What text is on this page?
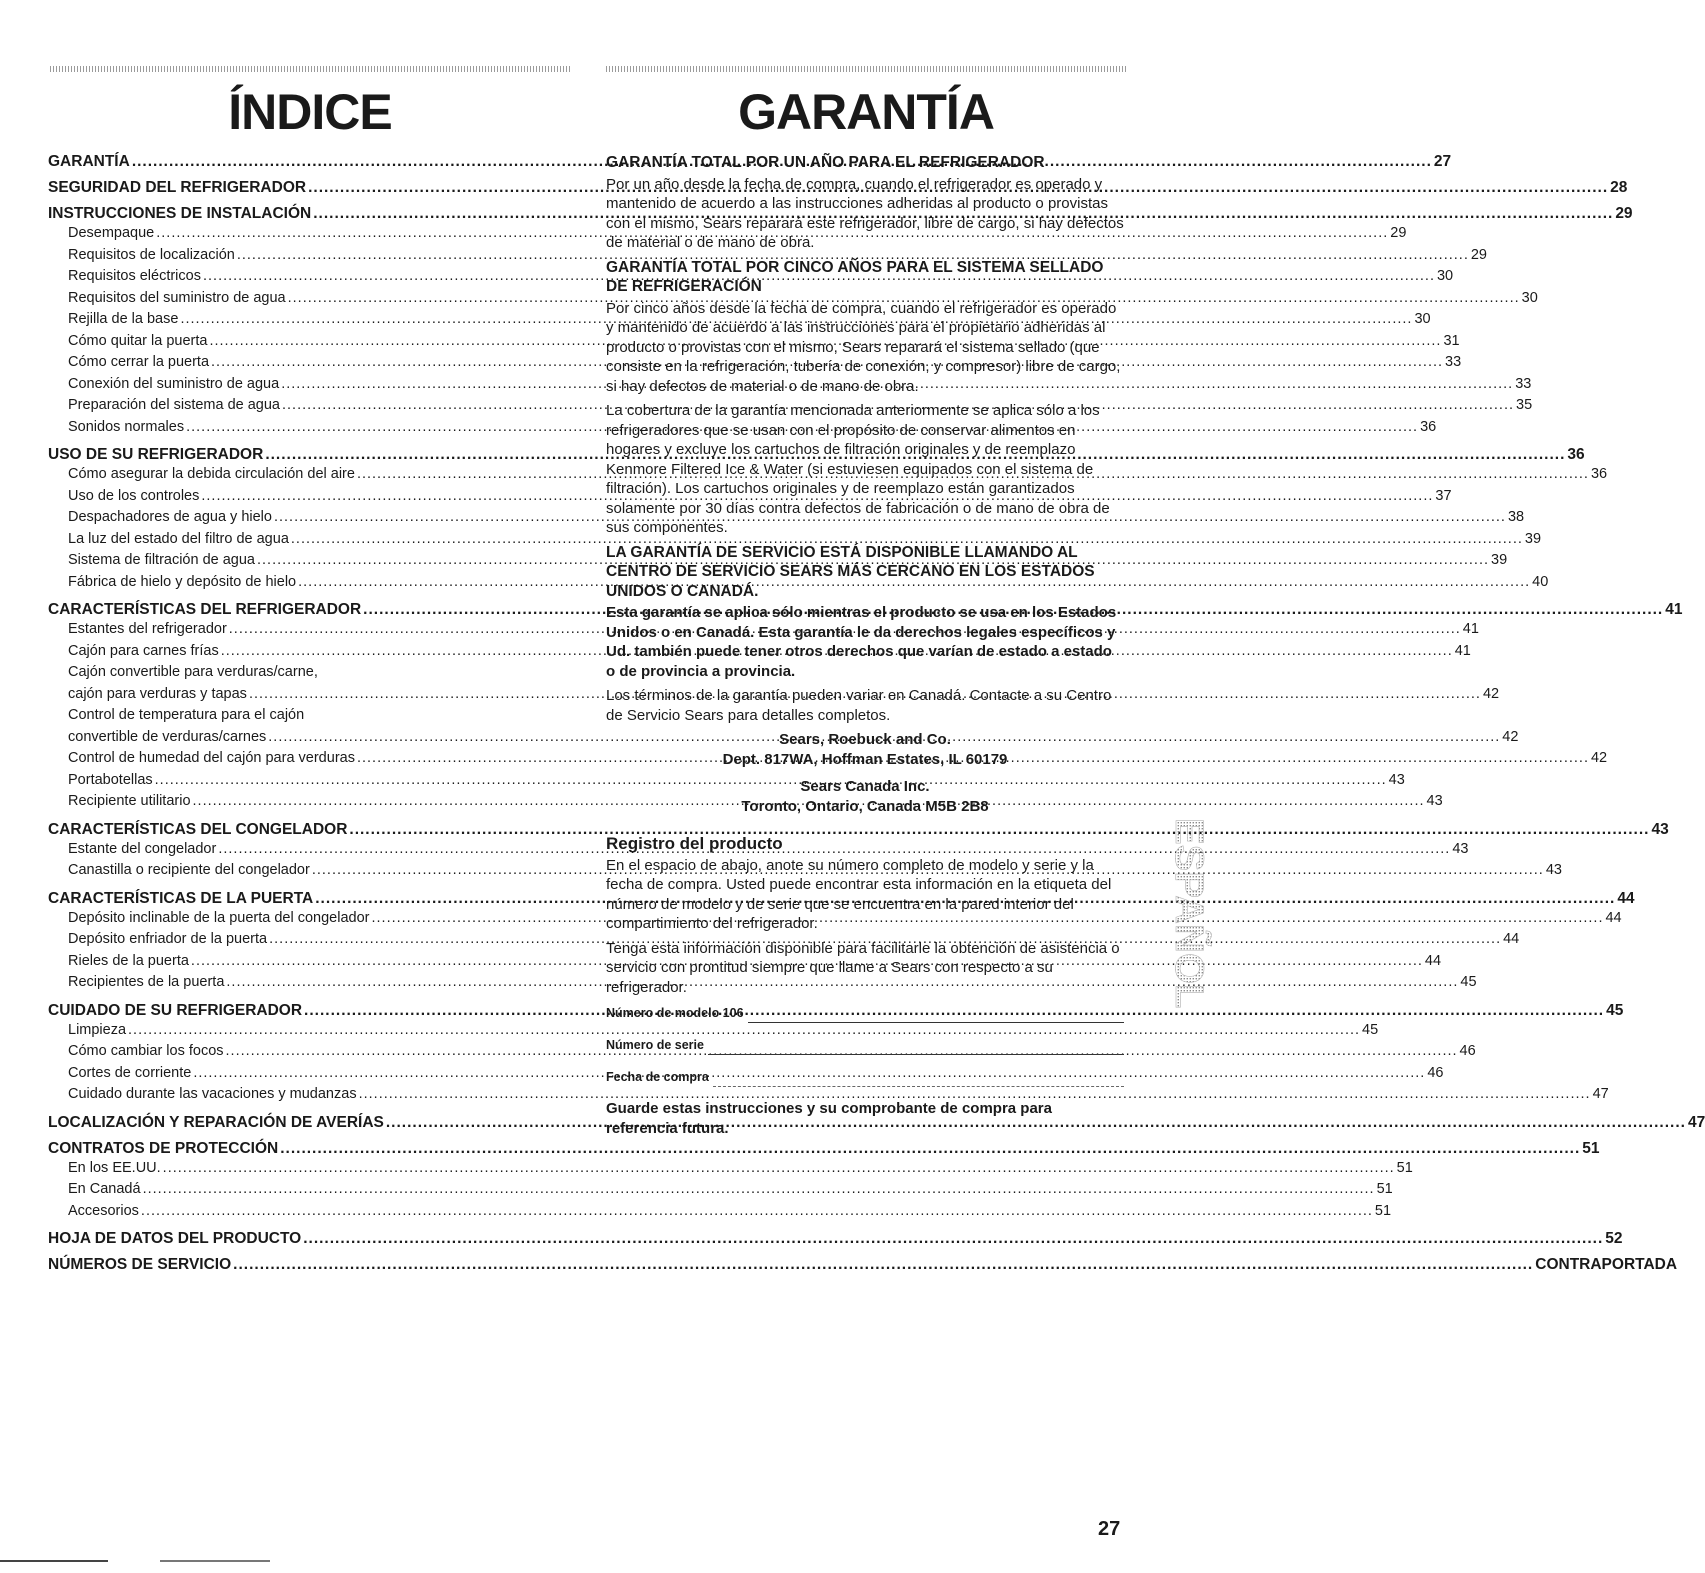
ÍNDICE	GARANTÍA
GARANTÍA .....	27
SEGURIDAD DEL REFRIGERADOR .....	28
INSTRUCCIONES DE INSTALACIÓN .....	29
Desempaque .....	29
Requisitos de localización .....	29
Requisitos eléctricos .....	30
Requisitos del suministro de agua .....	30
Rejilla de la base .....	30
Cómo quitar la puerta .....	31
Cómo cerrar la puerta .....	33
Conexión del suministro de agua .....	33
Preparación del sistema de agua .....	35
Sonidos normales .....	36
USO DE SU REFRIGERADOR .....	36
Cómo asegurar la debida circulación del aire .....	36
Uso de los controles .....	37
Despachadores de agua y hielo .....	38
La luz del estado del filtro de agua .....	39
Sistema de filtración de agua .....	39
Fábrica de hielo y depósito de hielo .....	40
CARACTERÍSTICAS DEL REFRIGERADOR .....	41
Estantes del refrigerador .....	41
Cajón para carnes frías .....	41
Cajón convertible para verduras/carne,
cajón para verduras y tapas .....	42
Control de temperatura para el cajón
convertible de verduras/carnes .....	42
Control de humedad del cajón para verduras .....	42
Portabotellas .....	43
Recipiente utilitario .....	43
CARACTERÍSTICAS DEL CONGELADOR .....	43
Estante del congelador .....	43
Canastilla o recipiente del congelador .....	43
CARACTERÍSTICAS DE LA PUERTA .....	44
Depósito inclinable de la puerta del congelador .....	44
Depósito enfriador de la puerta .....	44
Rieles de la puerta .....	44
Recipientes de la puerta .....	45
CUIDADO DE SU REFRIGERADOR .....	45
Limpieza .....	45
Cómo cambiar los focos .....	46
Cortes de corriente .....	46
Cuidado durante las vacaciones y mudanzas .....	47
LOCALIZACIÓN Y REPARACIÓN DE AVERÍAS .....	47
CONTRATOS DE PROTECCIÓN .....	51
En los EE.UU. .....	51
En Canadá .....	51
Accesorios .....	51
HOJA DE DATOS DEL PRODUCTO .....	52
NÚMEROS DE SERVICIO .....	CONTRAPORTADA
GARANTÍA TOTAL POR UN AÑO PARA EL REFRIGERADOR

Por un año desde la fecha de compra, cuando el refrigerador es operado y mantenido de acuerdo a las instrucciones adheridas al producto o provistas con el mismo, Sears reparará este refrigerador, libre de cargo, si hay defectos de material o de mano de obra.

GARANTÍA TOTAL POR CINCO AÑOS PARA EL SISTEMA SELLADO DE REFRIGERACIÓN

Por cinco años desde la fecha de compra, cuando el refrigerador es operado y mantenido de acuerdo a las instrucciones para el propietario adheridas al producto o provistas con el mismo, Sears reparará el sistema sellado (que consiste en la refrigeración, tubería de conexión, y compresor) libre de cargo, si hay defectos de material o de mano de obra.

La cobertura de la garantía mencionada anteriormente se aplica sólo a los refrigeradores que se usan con el propósito de conservar alimentos en hogares y excluye los cartuchos de filtración originales y de reemplazo Kenmore Filtered Ice & Water (si estuviesen equipados con el sistema de filtración). Los cartuchos originales y de reemplazo están garantizados solamente por 30 días contra defectos de fabricación o de mano de obra de sus componentes.

LA GARANTÍA DE SERVICIO ESTÁ DISPONIBLE LLAMANDO AL CENTRO DE SERVICIO SEARS MÁS CERCANO EN LOS ESTADOS UNIDOS O CANADÁ.

Esta garantía se aplica sólo mientras el producto se usa en los Estados Unidos o en Canadá. Esta garantía le da derechos legales específicos y Ud. también puede tener otros derechos que varían de estado a estado o de provincia a provincia.

Los términos de la garantía pueden variar en Canadá. Contacte a su Centro de Servicio Sears para detalles completos.

Sears, Roebuck and Co.
Dept. 817WA, Hoffman Estates, IL 60179
Sears Canada Inc.
Toronto, Ontario, Canada M5B 2B8
Registro del producto

En el espacio de abajo, anote su número completo de modelo y serie y la fecha de compra. Usted puede encontrar esta información en la etiqueta del número de modelo y de serie que se encuentra en la pared interior del compartimiento del refrigerador.

Tenga esta información disponible para facilitarle la obtención de asistencia o servicio con prontitud siempre que llame a Sears con respecto a su refrigerador.

Número de modelo 106
Número de serie
Fecha de compra

Guarde estas instrucciones y su comprobante de compra para referencia futura.

ESPAÑOL
27
